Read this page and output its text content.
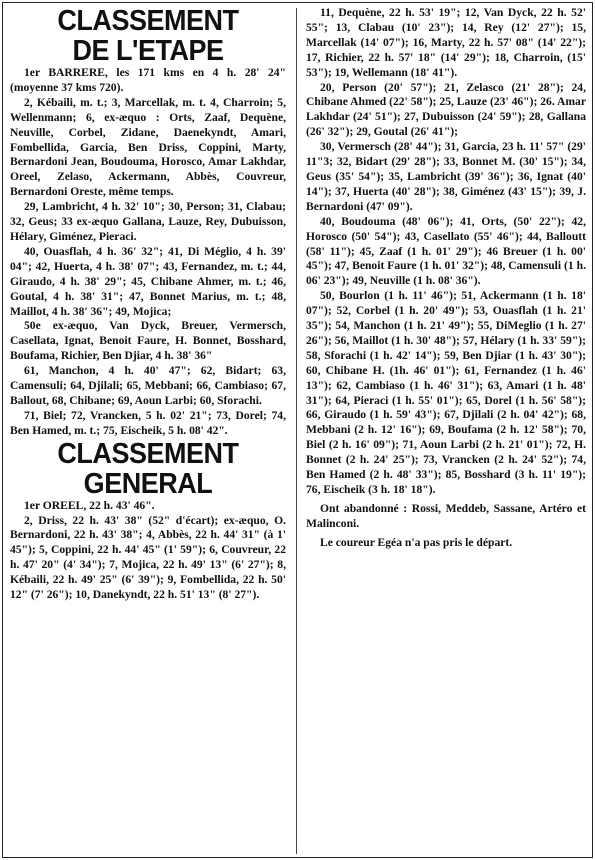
CLASSEMENT
DE L'ETAPE

1er BARRERE, les 171 kms en 4 h. 28' 24" (moyenne 37 kms 720).

2, Kébaili, m. t.; 3, Marcellak, m. t. 4, Charroin; 5, Wellenmann; 6, ex-æquo : Orts, Zaaf, Dequène, Neuville, Corbel, Zidane, Daenekyndt, Amari, Fombellida, Garcia, Ben Driss, Coppini, Marty, Bernardoni Jean, Boudouma, Horosco, Amar Lakhdar, Oreel, Zelaso, Ackermann, Abbès, Couvreur, Bernardoni Oreste, même temps.

29, Lambricht, 4 h. 32' 10"; 30, Person; 31, Clabau; 32, Geus; 33 ex-æquo Gallana, Lauze, Rey, Dubuisson, Hélary, Giménez, Pieraci.

40, Ouasflah, 4 h. 36' 32"; 41, Di Méglio, 4 h. 39' 04"; 42, Huerta, 4 h. 38' 07"; 43, Fernandez, m. t.; 44, Giraudo, 4 h. 38' 29"; 45, Chibane Ahmer, m. t.; 46, Goutal, 4 h. 38' 31"; 47, Bonnet Marius, m. t.; 48, Maillot, 4 h. 38' 36"; 49, Mojica;

50e ex-æquo, Van Dyck, Breuer, Vermersch, Casellata, Ignat, Benoit Faure, H. Bonnet, Bosshard, Boufama, Richier, Ben Djiar, 4 h. 38' 36"

61, Manchon, 4 h. 40' 47"; 62, Bidart; 63, Camensuli; 64, Djilali; 65, Mebbani; 66, Cambiaso; 67, Ballout, 68, Chibane; 69, Aoun Larbi; 60, Sforachi.

71, Biel; 72, Vrancken, 5 h. 02' 21"; 73, Dorel; 74, Ben Hamed, m. t.; 75, Eischeik, 5 h. 08' 42".

CLASSEMENT
GENERAL

1er OREEL, 22 h. 43' 46".

2, Driss, 22 h. 43' 38" (52" d'écart); ex-æquo, O. Bernardoni, 22 h. 43' 38"; 4, Abbès, 22 h. 44' 31" (à 1' 45"); 5, Coppini, 22 h. 44' 45" (1' 59"); 6, Couvreur, 22 h. 47' 20" (4' 34"); 7, Mojica, 22 h. 49' 13" (6' 27"); 8, Kébaili, 22 h. 49' 25" (6' 39"); 9, Fombellida, 22 h. 50' 12" (7' 26"); 10, Danekyndt, 22 h. 51' 13" (8' 27").

11, Dequène, 22 h. 53' 19"; 12, Van Dyck, 22 h. 52' 55"; 13, Clabau (10' 23"); 14, Rey (12' 27"); 15, Marcellak (14' 07"); 16, Marty, 22 h. 57' 08" (14' 22"); 17, Richier, 22 h. 57' 18" (14' 29"); 18, Charroin, (15' 53"); 19, Wellemann (18' 41").

20, Person (20' 57"); 21, Zelasco (21' 28"); 24, Chibane Ahmed (22' 58"); 25, Lauze (23' 46"); 26. Amar Lakhdar (24' 51"); 27, Dubuisson (24' 59"); 28, Gallana (26' 32"); 29, Goutal (26' 41");

30, Vermersch (28' 44"); 31, Garcia, 23 h. 11' 57" (29' 11"3; 32, Bidart (29' 28"); 33, Bonnet M. (30' 15"); 34, Geus (35' 54"); 35, Lambricht (39' 36"); 36, Ignat (40' 14"); 37, Huerta (40' 28"); 38, Giménez (43' 15"); 39, J. Bernardoni (47' 09").

40, Boudouma (48' 06"); 41, Orts, (50' 22"); 42, Horosco (50' 54"); 43, Casellato (55' 46"); 44, Balloutt (58' 11"); 45, Zaaf (1 h. 01' 29"); 46 Breuer (1 h. 00' 45"); 47, Benoit Faure (1 h. 01' 32"); 48, Camensuli (1 h. 06' 23"); 49, Neuville (1 h. 08' 36").

50, Bourlon (1 h. 11' 46"); 51, Ackermann (1 h. 18' 07"); 52, Corbel (1 h. 20' 49"); 53, Ouasflah (1 h. 21' 35"); 54, Manchon (1 h. 21' 49"); 55, DiMeglio (1 h. 27' 26"); 56, Maillot (1 h. 30' 48"); 57, Hélary (1 h. 33' 59"); 58, Sforachi (1 h. 42' 14"); 59, Ben Djiar (1 h. 43' 30"); 60, Chibane H. (1h. 46' 01"); 61, Fernandez (1 h. 46' 13"); 62, Cambiaso (1 h. 46' 31"); 63, Amari (1 h. 48' 31"); 64, Pieraci (1 h. 55' 01"); 65, Dorel (1 h. 56' 58"); 66, Giraudo (1 h. 59' 43"); 67, Djilali (2 h. 04' 42"); 68, Mebbani (2 h. 12' 16"); 69, Boufama (2 h. 12' 58"); 70, Biel (2 h. 16' 09"); 71, Aoun Larbi (2 h. 21' 01"); 72, H. Bonnet (2 h. 24' 25"); 73, Vrancken (2 h. 24' 52"); 74, Ben Hamed (2 h. 48' 33"); 85, Bosshard (3 h. 11' 19"); 76, Eischeik (3 h. 18' 18").

Ont abandonné : Rossi, Meddeb, Sassane, Artéro et Malinconi.

Le coureur Egéa n'a pas pris le départ.
